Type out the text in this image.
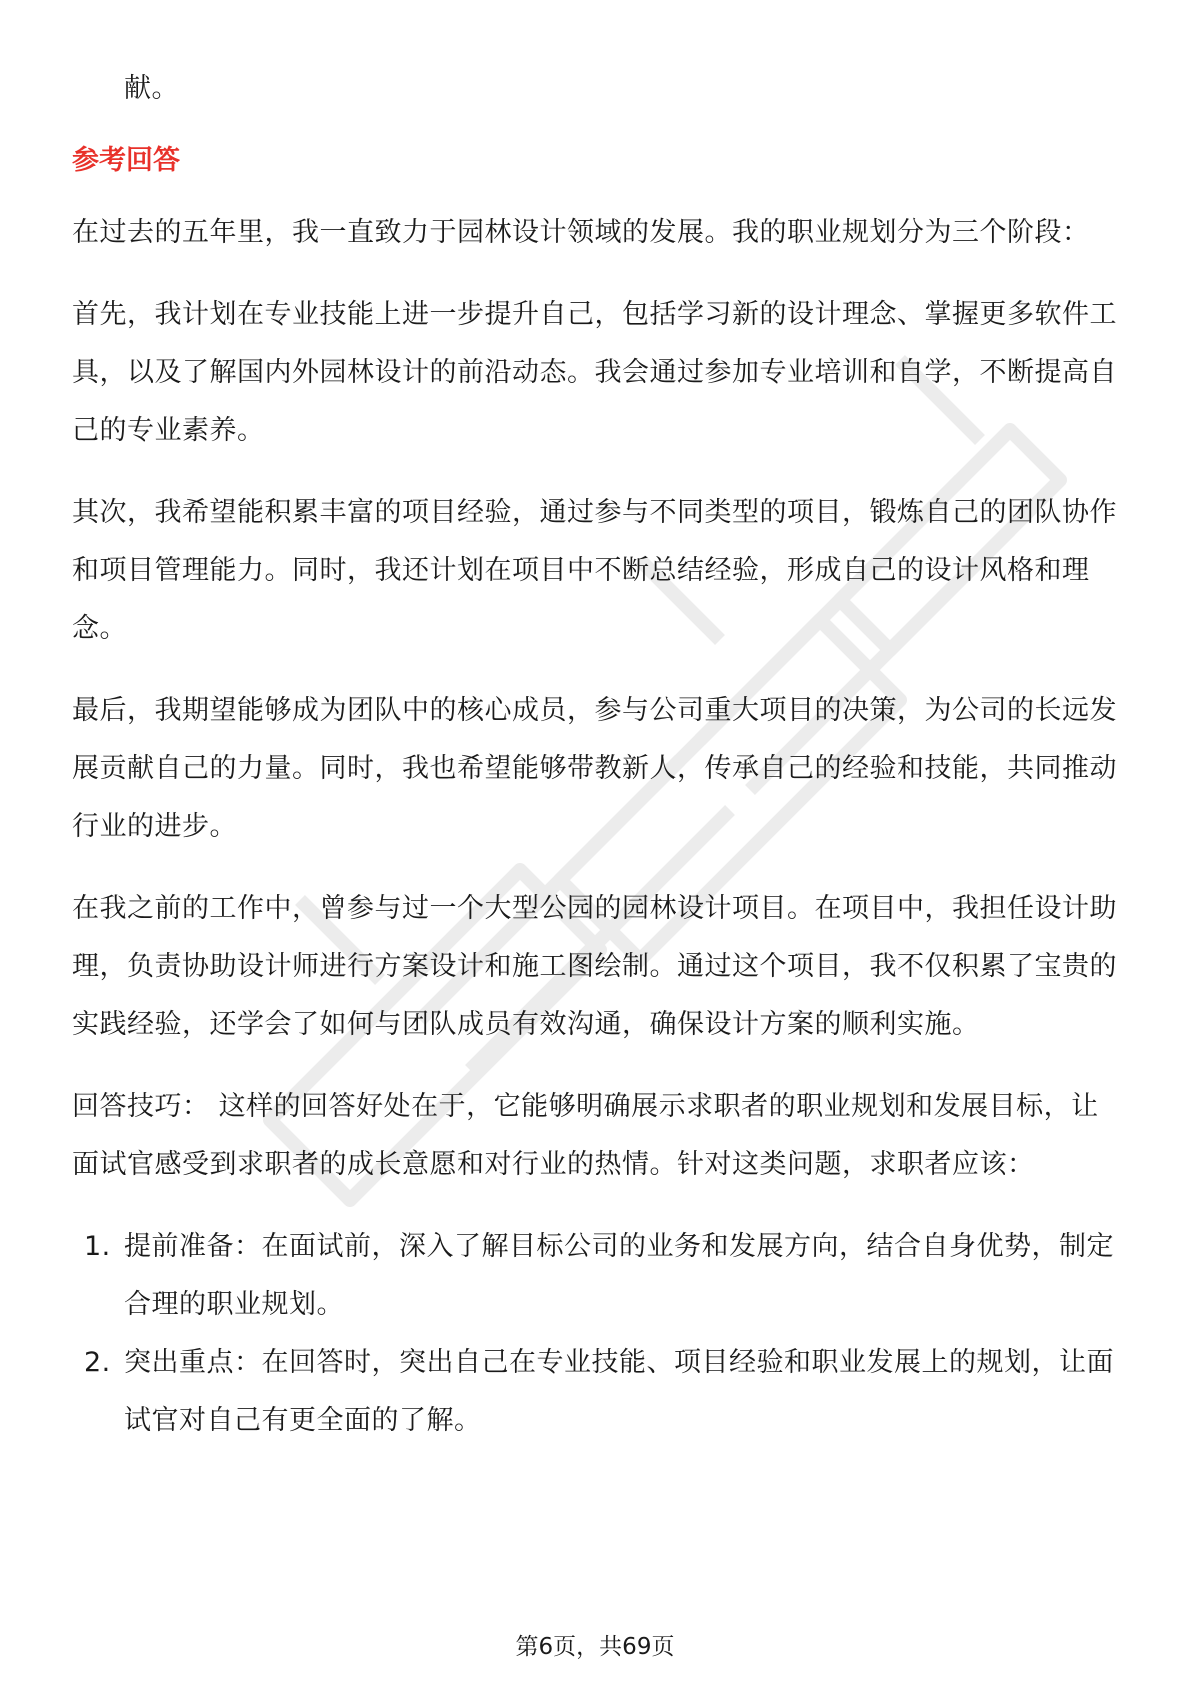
献。

参考回答

在过去的五年里，我一直致力于园林设计领域的发展。我的职业规划分为三个阶段：

首先，我计划在专业技能上进一步提升自己，包括学习新的设计理念、掌握更多软件工具，以及了解国内外园林设计的前沿动态。我会通过参加专业培训和自学，不断提高自己的专业素养。

其次，我希望能积累丰富的项目经验，通过参与不同类型的项目，锻炼自己的团队协作和项目管理能力。同时，我还计划在项目中不断总结经验，形成自己的设计风格和理念。

最后，我期望能够成为团队中的核心成员，参与公司重大项目的决策，为公司的长远发展贡献自己的力量。同时，我也希望能够带教新人，传承自己的经验和技能，共同推动行业的进步。

在我之前的工作中，曾参与过一个大型公园的园林设计项目。在项目中，我担任设计助理，负责协助设计师进行方案设计和施工图绘制。通过这个项目，我不仅积累了宝贵的实践经验，还学会了如何与团队成员有效沟通，确保设计方案的顺利实施。

回答技巧： 这样的回答好处在于，它能够明确展示求职者的职业规划和发展目标，让面试官感受到求职者的成长意愿和对行业的热情。针对这类问题，求职者应该：

1. 提前准备：在面试前，深入了解目标公司的业务和发展方向，结合自身优势，制定合理的职业规划。
2. 突出重点：在回答时，突出自己在专业技能、项目经验和职业发展上的规划，让面试官对自己有更全面的了解。
第6页，共69页
